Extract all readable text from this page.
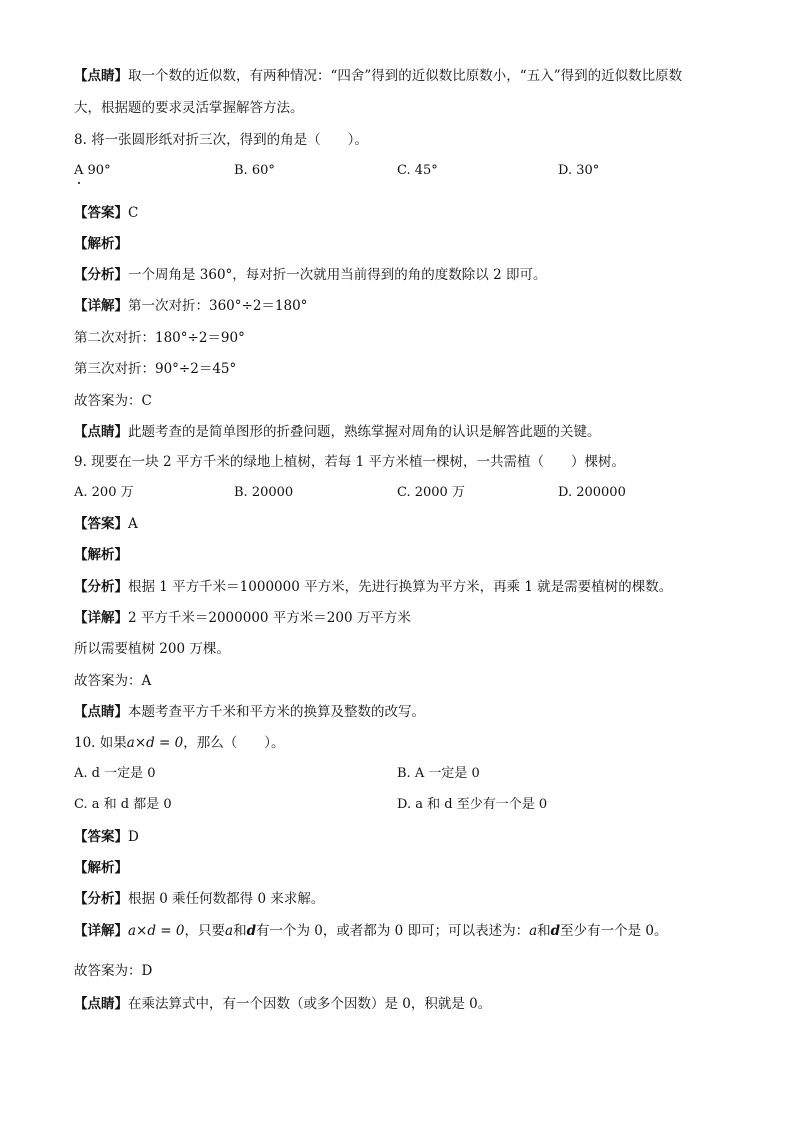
【点睛】取一个数的近似数，有两种情况：“四舍”得到的近似数比原数小，“五入”得到的近似数比原数
大，根据题的要求灵活掌握解答方法。
8. 将一张圆形纸对折三次，得到的角是（　　）。
A 90°	B. 60°	C. 45°	D. 30°
【答案】C
【解析】
【分析】一个周角是 360°，每对折一次就用当前得到的角的度数除以 2 即可。
【详解】第一次对折：360°÷2＝180°
第二次对折：180°÷2＝90°
第三次对折：90°÷2＝45°
故答案为：C
【点睛】此题考查的是简单图形的折叠问题，熟练掌握对周角的认识是解答此题的关键。
9. 现要在一块 2 平方千米的绿地上植树，若每 1 平方米植一棵树，一共需植（　　）棵树。
A. 200 万	B. 20000	C. 2000 万	D. 200000
【答案】A
【解析】
【分析】根据 1 平方千米＝1000000 平方米，先进行换算为平方米，再乘 1 就是需要植树的棵数。
【详解】2 平方千米＝2000000 平方米＝200 万平方米
所以需要植树 200 万棵。
故答案为：A
【点睛】本题考查平方千米和平方米的换算及整数的改写。
10. 如果a×d = 0，那么（　　）。
A. d 一定是 0	B. A 一定是 0
C. a 和 d 都是 0	D. a 和 d 至少有一个是 0
【答案】D
【解析】
【分析】根据 0 乘任何数都得 0 来求解。
【详解】a×d = 0，只要a和d有一个为 0，或者都为 0 即可；可以表述为：a和d至少有一个是 0。
故答案为：D
【点睛】在乘法算式中，有一个因数（或多个因数）是 0，积就是 0。
